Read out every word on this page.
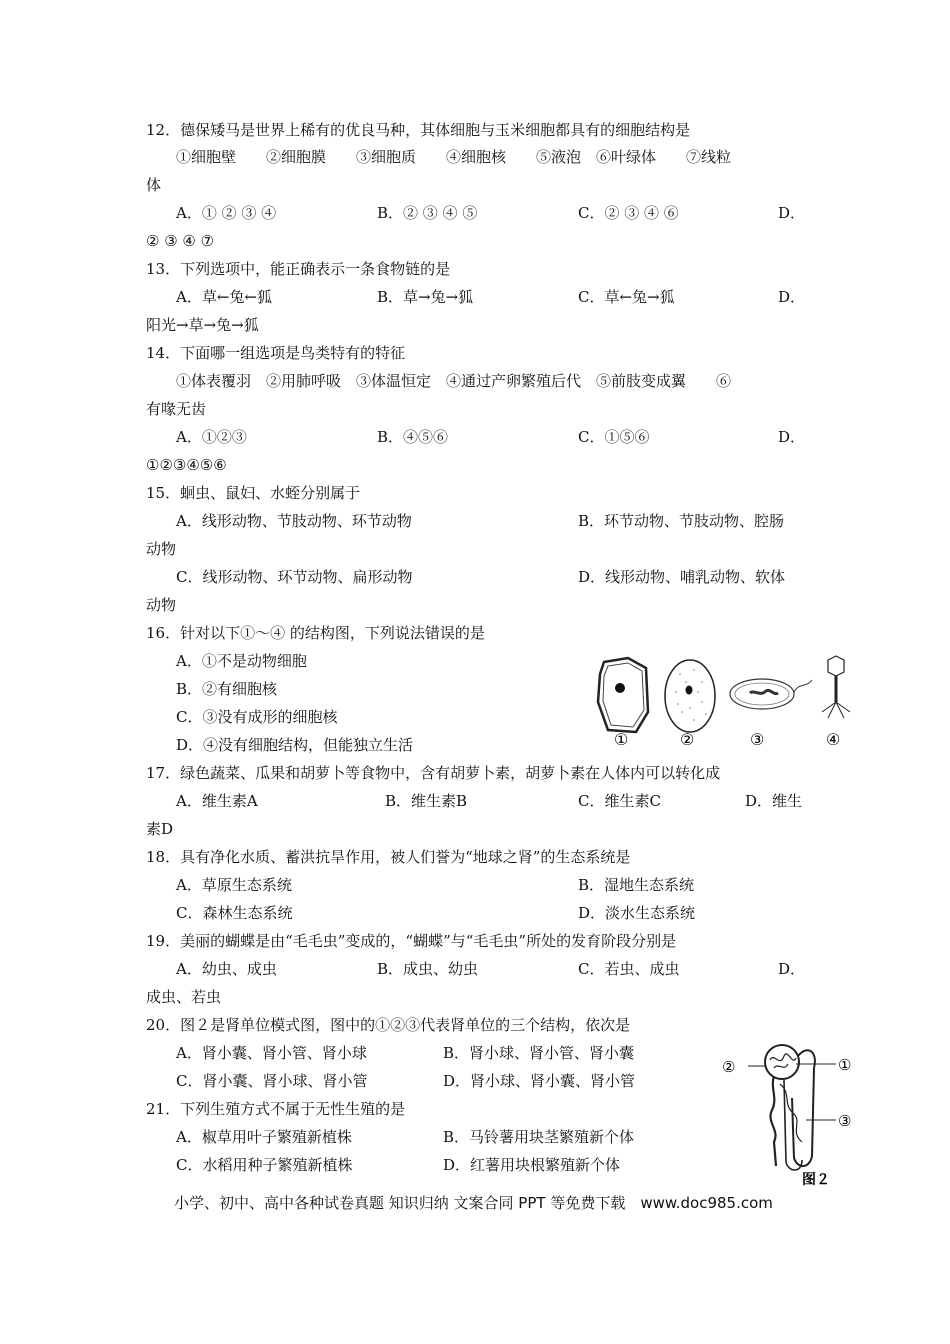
12．德保矮马是世界上稀有的优良马种，其体细胞与玉米细胞都具有的细胞结构是
①细胞壁　　②细胞膜　　③细胞质　　④细胞核　　⑤液泡　⑥叶绿体　　⑦线粒
体
A．① ② ③ ④	B．② ③ ④ ⑤	C．② ③ ④ ⑥	D．
② ③ ④ ⑦
13．下列选项中，能正确表示一条食物链的是
A．草←兔←狐	B．草→兔→狐	C．草←兔→狐	D．
阳光→草→兔→狐
14．下面哪一组选项是鸟类特有的特征
①体表覆羽　②用肺呼吸　③体温恒定　④通过产卵繁殖后代　⑤前肢变成翼　　⑥
有喙无齿
A．①②③	B．④⑤⑥	C．①⑤⑥	D．
①②③④⑤⑥
15．蛔虫、鼠妇、水蛭分别属于
A．线形动物、节肢动物、环节动物	B．环节动物、节肢动物、腔肠
动物
C．线形动物、环节动物、扁形动物	D．线形动物、哺乳动物、软体
动物
16．针对以下①～④ 的结构图，下列说法错误的是
A．①不是动物细胞
B．②有细胞核
C．③没有成形的细胞核
D．④没有细胞结构，但能独立生活	①	②	③	④
17．绿色蔬菜、瓜果和胡萝卜等食物中，含有胡萝卜素，胡萝卜素在人体内可以转化成
A．维生素A	B．维生素B	C．维生素C	D．维生
素D
18．具有净化水质、蓄洪抗旱作用，被人们誉为“地球之肾”的生态系统是
A．草原生态系统	B．湿地生态系统
C．森林生态系统	D．淡水生态系统
19．美丽的蝴蝶是由“毛毛虫”变成的，“蝴蝶”与“毛毛虫”所处的发育阶段分别是
A．幼虫、成虫	B．成虫、幼虫	C．若虫、成虫	D．
成虫、若虫
20．图２是肾单位模式图，图中的①②③代表肾单位的三个结构，依次是
A．肾小囊、肾小管、肾小球	B．肾小球、肾小管、肾小囊
C．肾小囊、肾小球、肾小管	D．肾小球、肾小囊、肾小管
①
②
③
图２
21．下列生殖方式不属于无性生殖的是
A．椒草用叶子繁殖新植株	B．马铃薯用块茎繁殖新个体
C．水稻用种子繁殖新植株	D．红薯用块根繁殖新个体
小学、初中、高中各种试卷真题 知识归纳 文案合同 PPT 等免费下载　www.doc985.com
